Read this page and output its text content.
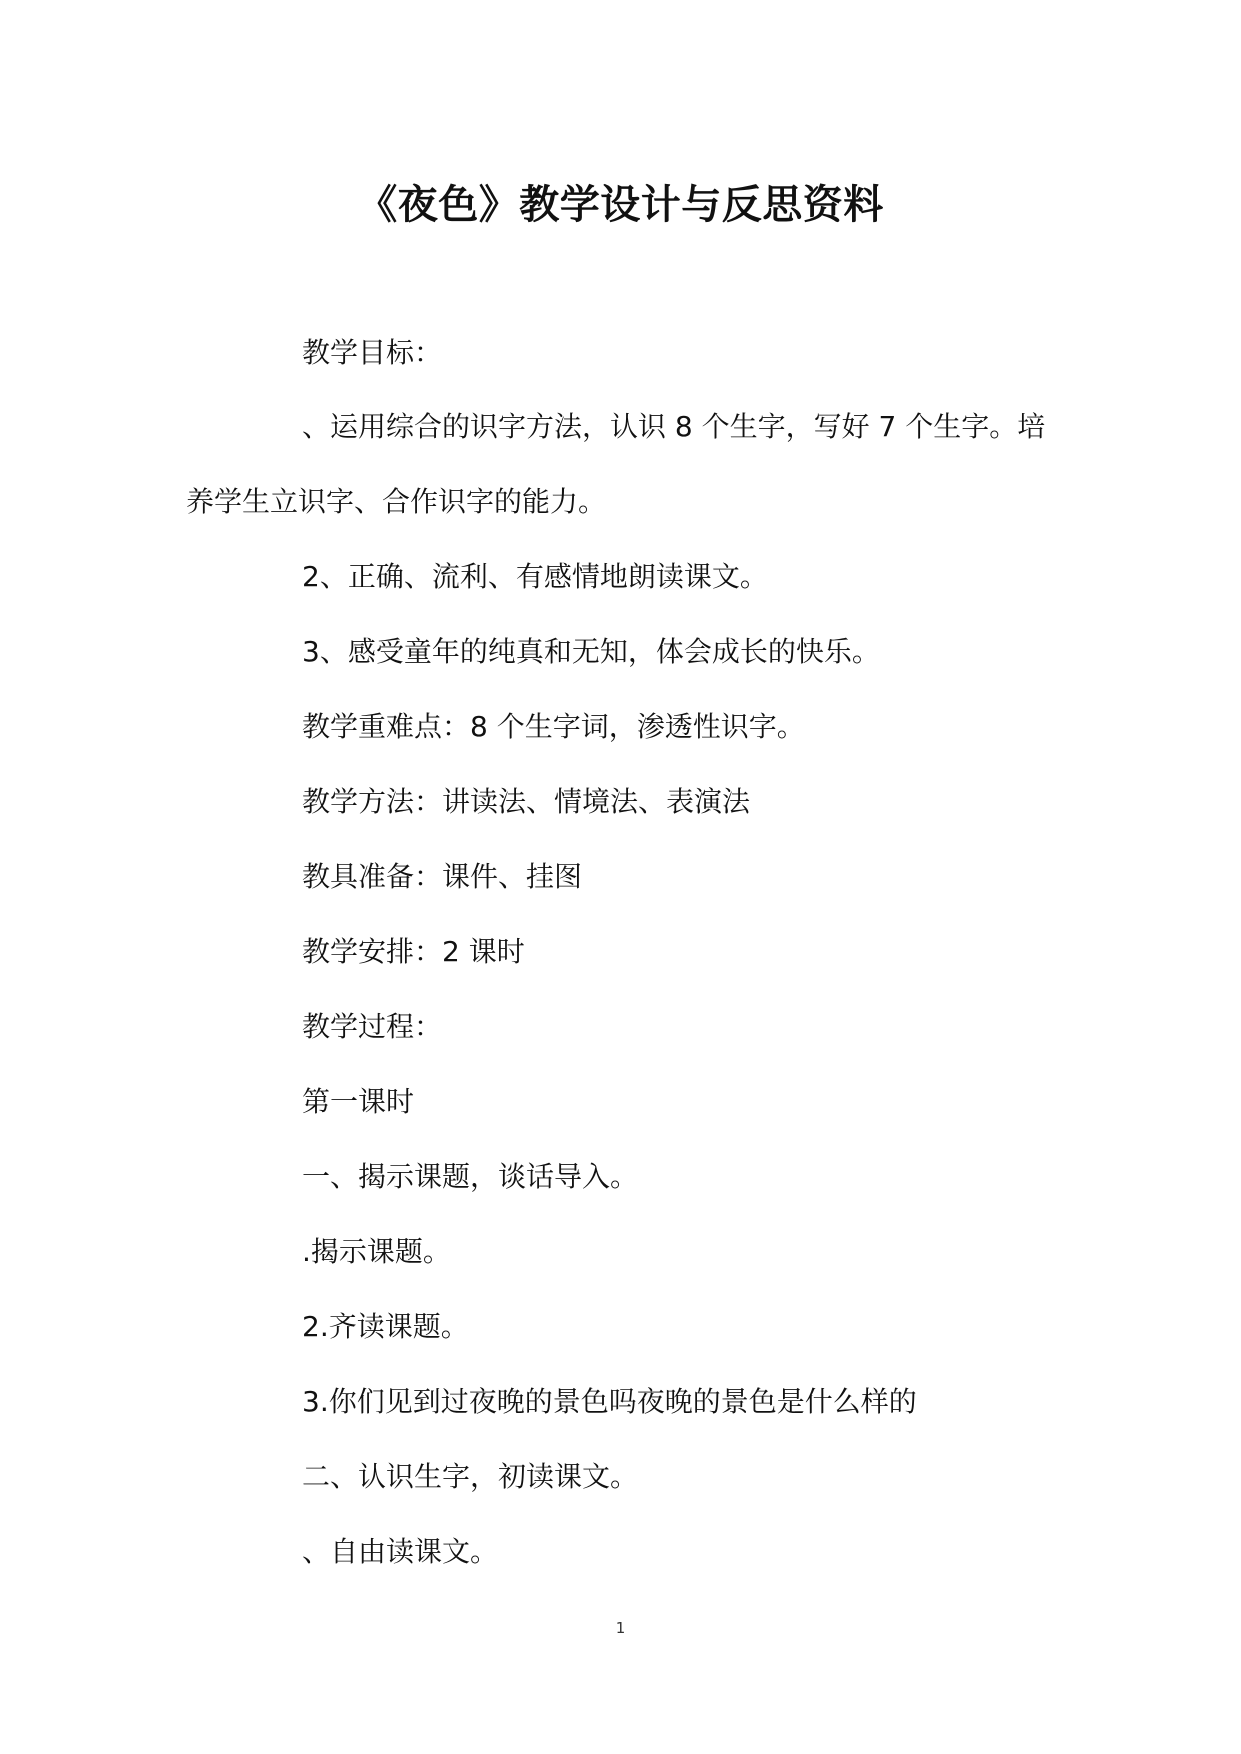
《夜色》教学设计与反思资料
教学目标：
、运用综合的识字方法，认识 8 个生字，写好 7 个生字。培
养学生立识字、合作识字的能力。
2、正确、流利、有感情地朗读课文。
3、感受童年的纯真和无知，体会成长的快乐。
教学重难点：8 个生字词，渗透性识字。
教学方法：讲读法、情境法、表演法
教具准备：课件、挂图
教学安排：2 课时
教学过程：
第一课时
一、揭示课题，谈话导入。
.揭示课题。
2.齐读课题。
3.你们见到过夜晚的景色吗夜晚的景色是什么样的
二、认识生字，初读课文。
、自由读课文。
1
